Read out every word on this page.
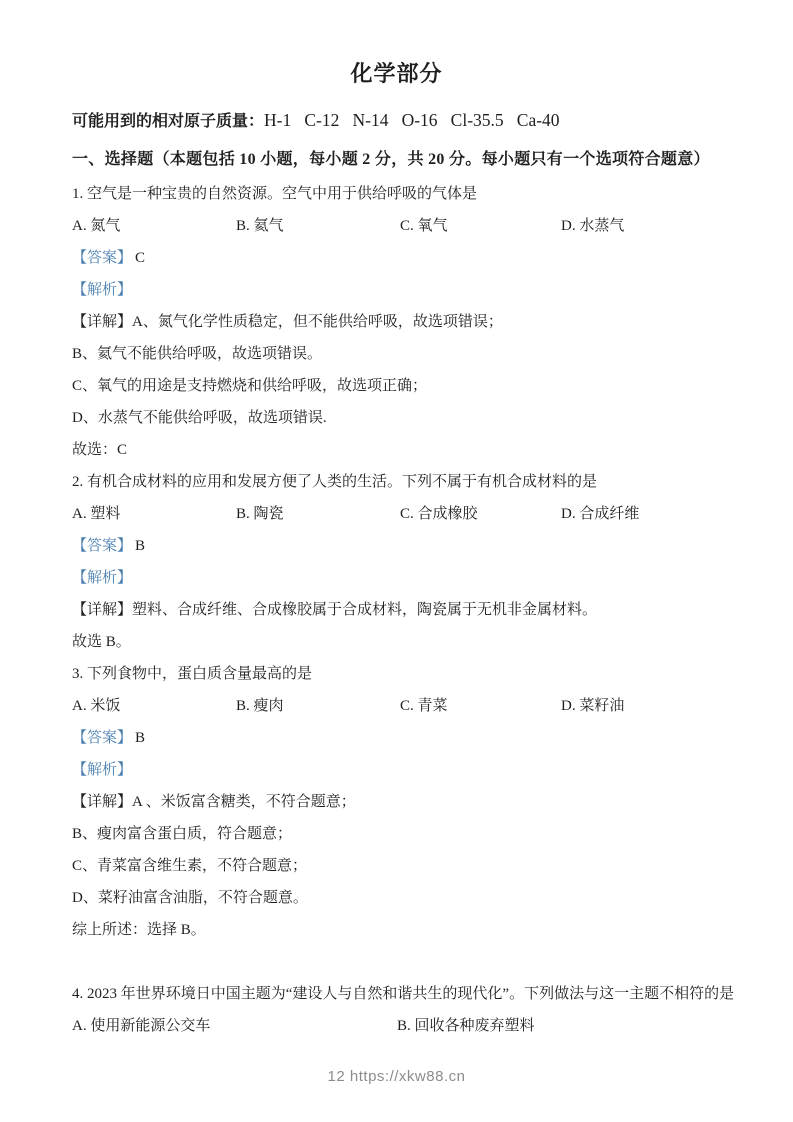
化学部分

可能用到的相对原子质量：H-1   C-12   N-14   O-16   Cl-35.5   Ca-40

一、选择题（本题包括 10 小题，每小题 2 分，共 20 分。每小题只有一个选项符合题意）

1. 空气是一种宝贵的自然资源。空气中用于供给呼吸的气体是

A. 氮气	B. 氦气	C. 氧气	D. 水蒸气

【答案】 C

【解析】

【详解】A、氮气化学性质稳定，但不能供给呼吸，故选项错误；

B、氦气不能供给呼吸，故选项错误。

C、氧气的用途是支持燃烧和供给呼吸，故选项正确；

D、水蒸气不能供给呼吸，故选项错误.

故选：C

2. 有机合成材料的应用和发展方便了人类的生活。下列不属于有机合成材料的是

A. 塑料	B. 陶瓷	C. 合成橡胶	D. 合成纤维

【答案】 B

【解析】

【详解】塑料、合成纤维、合成橡胶属于合成材料，陶瓷属于无机非金属材料。

故选 B。

3. 下列食物中，蛋白质含量最高的是

A. 米饭	B. 瘦肉	C. 青菜	D. 菜籽油

【答案】 B

【解析】

【详解】A 、米饭富含糖类，不符合题意；

B、瘦肉富含蛋白质，符合题意；

C、青菜富含维生素，不符合题意；

D、菜籽油富含油脂，不符合题意。

综上所述：选择 B。

4. 2023 年世界环境日中国主题为“建设人与自然和谐共生的现代化”。下列做法与这一主题不相符的是

A. 使用新能源公交车	B. 回收各种废弃塑料

12 https://xkw88.cn
